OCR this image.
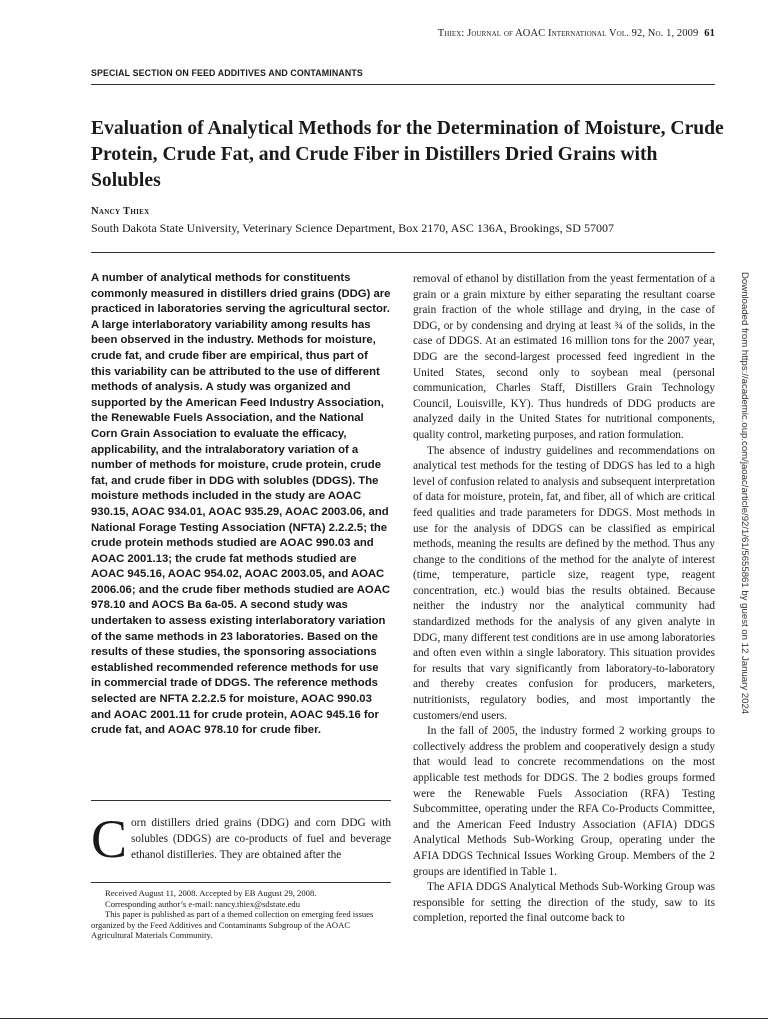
Thiex: Journal of AOAC International Vol. 92, No. 1, 2009 61
SPECIAL SECTION ON FEED ADDITIVES AND CONTAMINANTS
Evaluation of Analytical Methods for the Determination of Moisture, Crude Protein, Crude Fat, and Crude Fiber in Distillers Dried Grains with Solubles
Nancy Thiex
South Dakota State University, Veterinary Science Department, Box 2170, ASC 136A, Brookings, SD 57007
A number of analytical methods for constituents commonly measured in distillers dried grains (DDG) are practiced in laboratories serving the agricultural sector. A large interlaboratory variability among results has been observed in the industry. Methods for moisture, crude fat, and crude fiber are empirical, thus part of this variability can be attributed to the use of different methods of analysis. A study was organized and supported by the American Feed Industry Association, the Renewable Fuels Association, and the National Corn Grain Association to evaluate the efficacy, applicability, and the intralaboratory variation of a number of methods for moisture, crude protein, crude fat, and crude fiber in DDG with solubles (DDGS). The moisture methods included in the study are AOAC 930.15, AOAC 934.01, AOAC 935.29, AOAC 2003.06, and National Forage Testing Association (NFTA) 2.2.2.5; the crude protein methods studied are AOAC 990.03 and AOAC 2001.13; the crude fat methods studied are AOAC 945.16, AOAC 954.02, AOAC 2003.05, and AOAC 2006.06; and the crude fiber methods studied are AOAC 978.10 and AOCS Ba 6a-05. A second study was undertaken to assess existing interlaboratory variation of the same methods in 23 laboratories. Based on the results of these studies, the sponsoring associations established recommended reference methods for use in commercial trade of DDGS. The reference methods selected are NFTA 2.2.2.5 for moisture, AOAC 990.03 and AOAC 2001.11 for crude protein, AOAC 945.16 for crude fat, and AOAC 978.10 for crude fiber.
Corn distillers dried grains (DDG) and corn DDG with solubles (DDGS) are co-products of fuel and beverage ethanol distilleries. They are obtained after the
Received August 11, 2008. Accepted by EB August 29, 2008.
Corresponding author’s e-mail: nancy.thiex@sdstate.edu
This paper is published as part of a themed collection on emerging feed issues organized by the Feed Additives and Contaminants Subgroup of the AOAC Agricultural Materials Community.

removal of ethanol by distillation from the yeast fermentation of a grain or a grain mixture by either separating the resultant coarse grain fraction of the whole stillage and drying, in the case of DDG, or by condensing and drying at least ¾ of the solids, in the case of DDGS. At an estimated 16 million tons for the 2007 year, DDG are the second-largest processed feed ingredient in the United States, second only to soybean meal (personal communication, Charles Staff, Distillers Grain Technology Council, Louisville, KY). Thus hundreds of DDG products are analyzed daily in the United States for nutritional components, quality control, marketing purposes, and ration formulation.

The absence of industry guidelines and recommendations on analytical test methods for the testing of DDGS has led to a high level of confusion related to analysis and subsequent interpretation of data for moisture, protein, fat, and fiber, all of which are critical feed qualities and trade parameters for DDGS. Most methods in use for the analysis of DDGS can be classified as empirical methods, meaning the results are defined by the method. Thus any change to the conditions of the method for the analyte of interest (time, temperature, particle size, reagent type, reagent concentration, etc.) would bias the results obtained. Because neither the industry nor the analytical community had standardized methods for the analysis of any given analyte in DDG, many different test conditions are in use among laboratories and often even within a single laboratory. This situation provides for results that vary significantly from laboratory-to-laboratory and thereby creates confusion for producers, marketers, nutritionists, regulatory bodies, and most importantly the customers/end users.

In the fall of 2005, the industry formed 2 working groups to collectively address the problem and cooperatively design a study that would lead to concrete recommendations on the most applicable test methods for DDGS. The 2 bodies groups formed were the Renewable Fuels Association (RFA) Testing Subcommittee, operating under the RFA Co-Products Committee, and the American Feed Industry Association (AFIA) DDGS Analytical Methods Sub-Working Group, operating under the AFIA DDGS Technical Issues Working Group. Members of the 2 groups are identified in Table 1.

The AFIA DDGS Analytical Methods Sub-Working Group was responsible for setting the direction of the study, saw to its completion, reported the final outcome back to

Downloaded from https://academic.oup.com/jaoac/article/92/1/61/5655861 by guest on 12 January 2024
